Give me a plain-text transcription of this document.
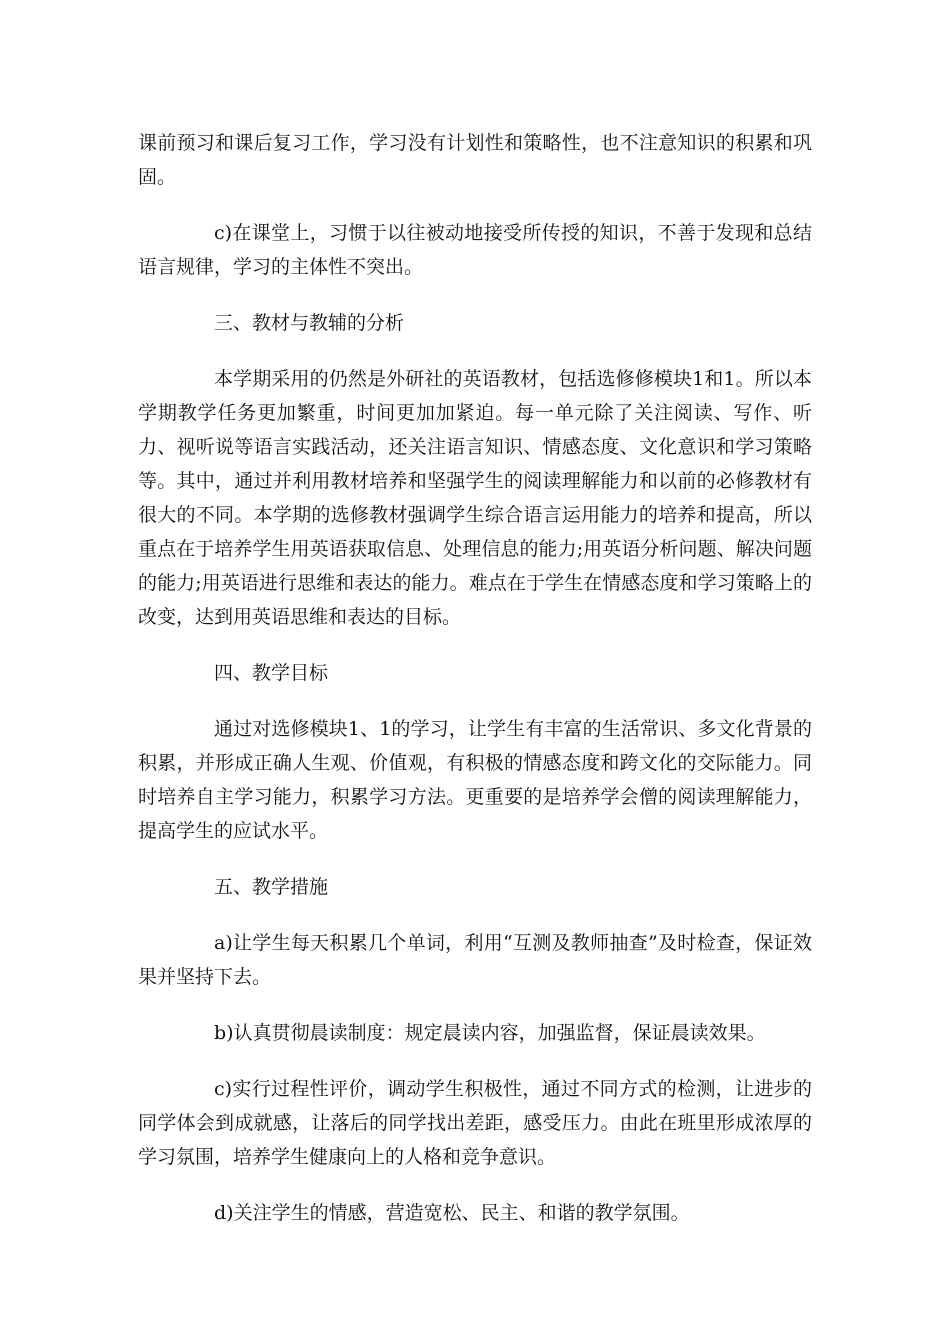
课前预习和课后复习工作，学习没有计划性和策略性，也不注意知识的积累和巩固。

c)在课堂上，习惯于以往被动地接受所传授的知识，不善于发现和总结语言规律，学习的主体性不突出。

三、教材与教辅的分析

本学期采用的仍然是外研社的英语教材，包括选修修模块1和1。所以本学期教学任务更加繁重，时间更加加紧迫。每一单元除了关注阅读、写作、听力、视听说等语言实践活动，还关注语言知识、情感态度、文化意识和学习策略等。其中，通过并利用教材培养和坚强学生的阅读理解能力和以前的必修教材有很大的不同。本学期的选修教材强调学生综合语言运用能力的培养和提高，所以重点在于培养学生用英语获取信息、处理信息的能力;用英语分析问题、解决问题的能力;用英语进行思维和表达的能力。难点在于学生在情感态度和学习策略上的改变，达到用英语思维和表达的目标。

四、教学目标

通过对选修模块1、1的学习，让学生有丰富的生活常识、多文化背景的积累，并形成正确人生观、价值观，有积极的情感态度和跨文化的交际能力。同时培养自主学习能力，积累学习方法。更重要的是培养学会僧的阅读理解能力，提高学生的应试水平。

五、教学措施

a)让学生每天积累几个单词，利用“互测及教师抽查”及时检查，保证效果并坚持下去。

b)认真贯彻晨读制度：规定晨读内容，加强监督，保证晨读效果。

c)实行过程性评价，调动学生积极性，通过不同方式的检测，让进步的同学体会到成就感，让落后的同学找出差距，感受压力。由此在班里形成浓厚的学习氛围，培养学生健康向上的人格和竞争意识。

d)关注学生的情感，营造宽松、民主、和谐的教学氛围。
